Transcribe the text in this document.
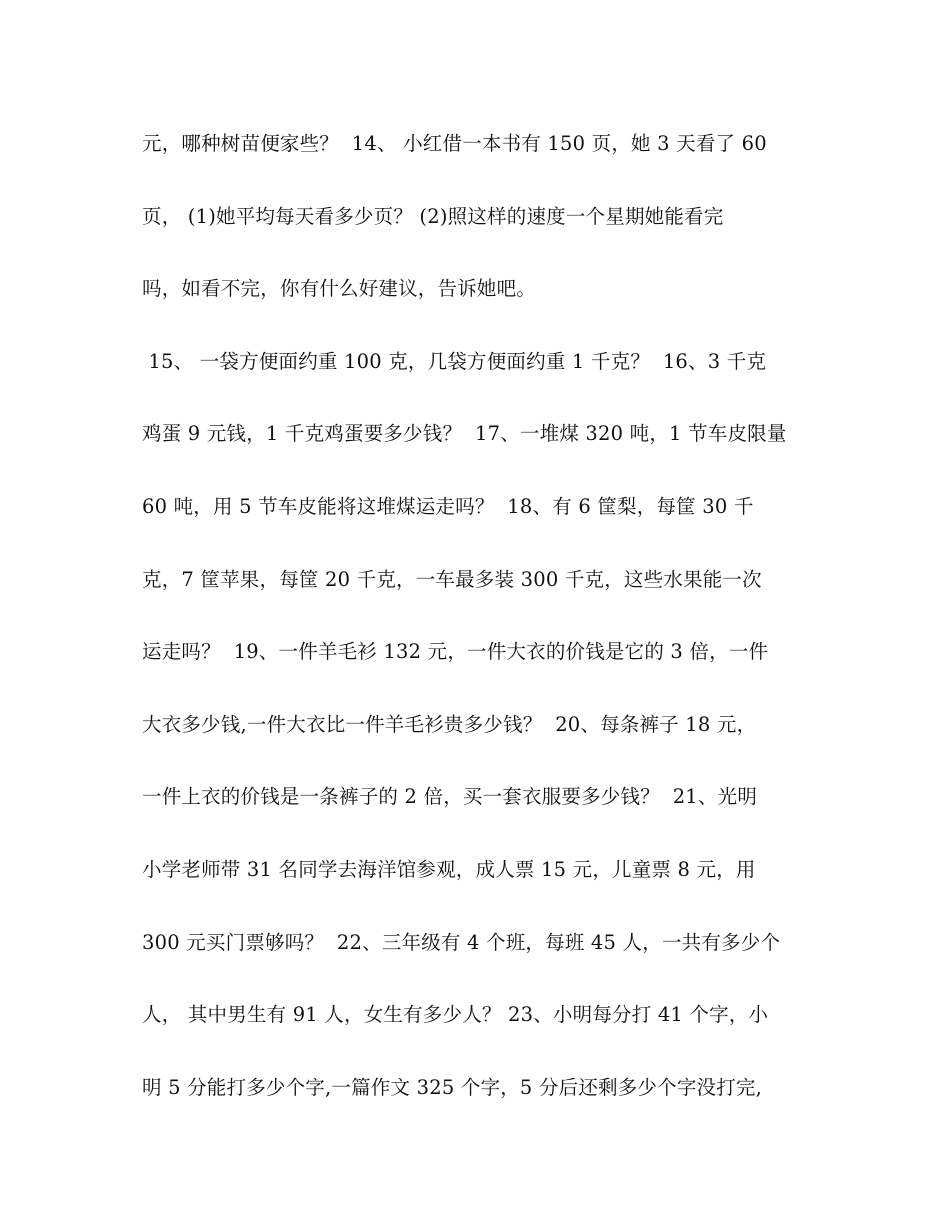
元，哪种树苗便家些？  14、 小红借一本书有 150 页，她 3 天看了 60
页， (1)她平均每天看多少页？ (2)照这样的速度一个星期她能看完
吗，如看不完，你有什么好建议，告诉她吧。
15、 一袋方便面约重 100 克，几袋方便面约重 1 千克？  16、3 千克
鸡蛋 9 元钱，1 千克鸡蛋要多少钱？  17、一堆煤 320 吨，1 节车皮限量
60 吨，用 5 节车皮能将这堆煤运走吗？  18、有 6 筐梨，每筐 30 千
克，7 筐苹果，每筐 20 千克，一车最多装 300 千克，这些水果能一次
运走吗？  19、一件羊毛衫 132 元，一件大衣的价钱是它的 3 倍，一件
大衣多少钱,一件大衣比一件羊毛衫贵多少钱？  20、每条裤子 18 元，
一件上衣的价钱是一条裤子的 2 倍，买一套衣服要多少钱？  21、光明
小学老师带 31 名同学去海洋馆参观，成人票 15 元，儿童票 8 元，用
300 元买门票够吗？  22、三年级有 4 个班，每班 45 人，一共有多少个
人， 其中男生有 91 人，女生有多少人？ 23、小明每分打 41 个字，小
明 5 分能打多少个字,一篇作文 325 个字，5 分后还剩多少个字没打完,
